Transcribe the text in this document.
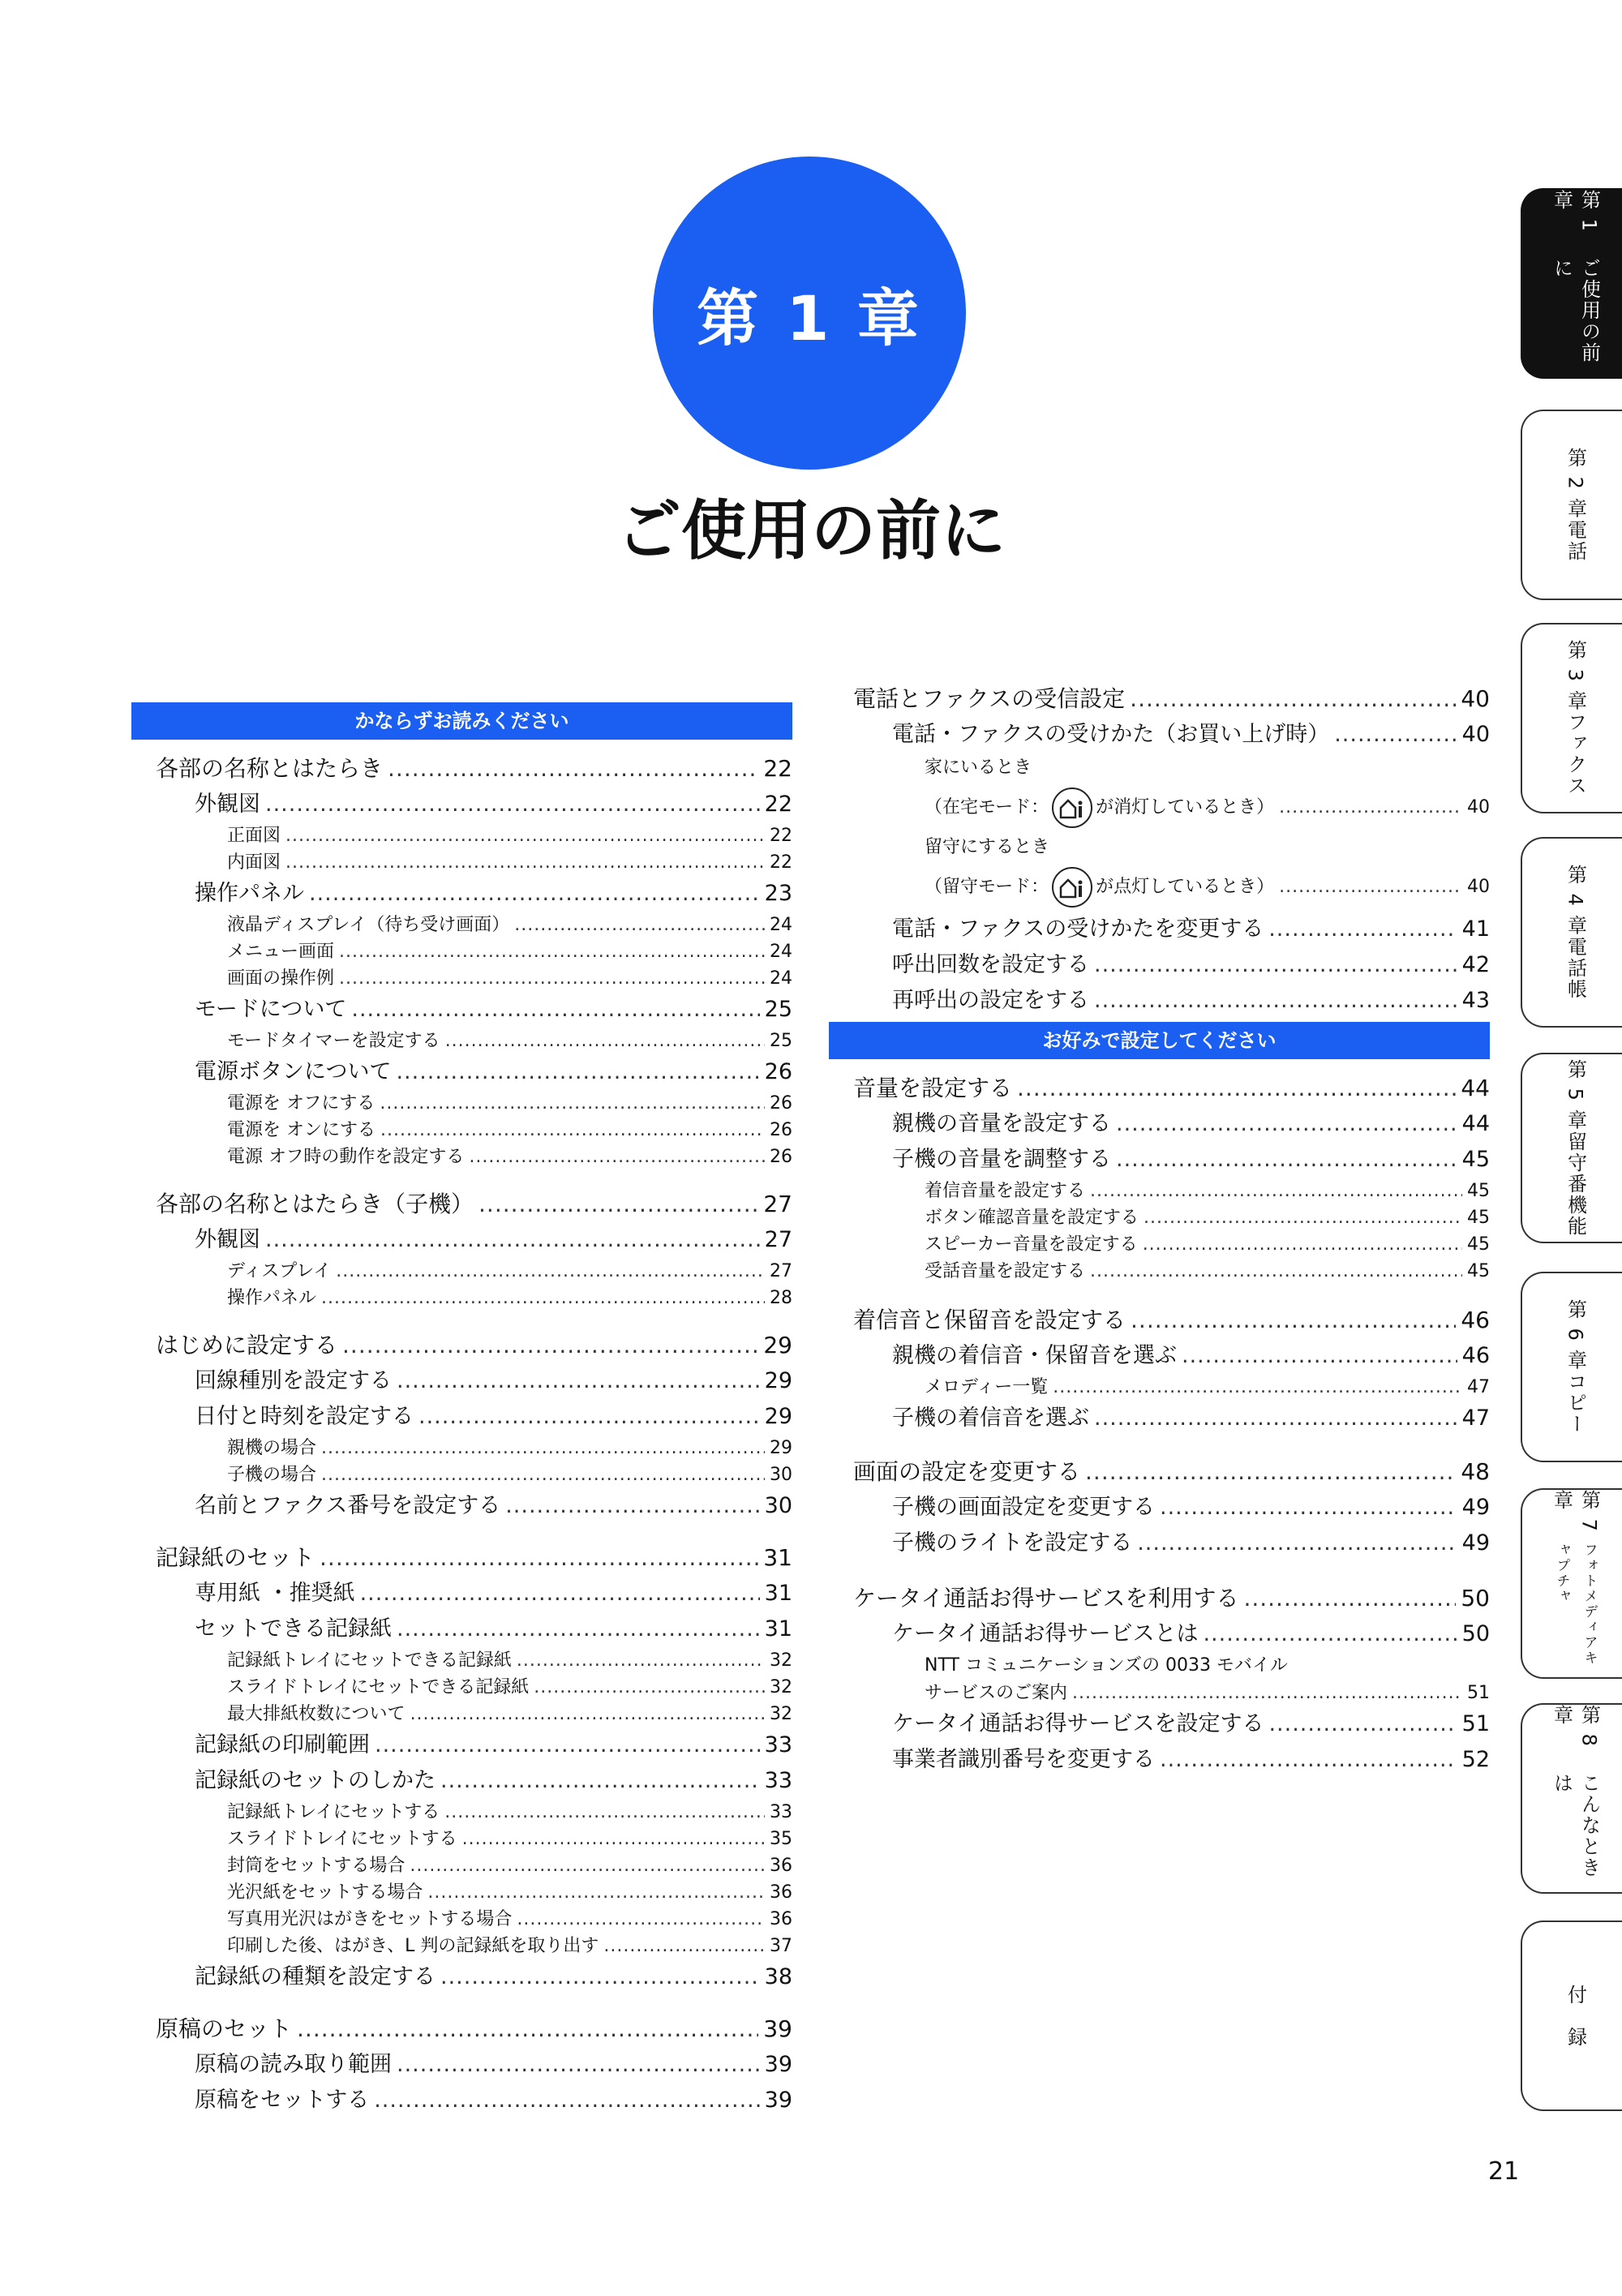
第 1 章
ご使用の前に
かならずお読みください
各部の名称とはたらき .....	22
外観図 .....	22
正面図 .....	22
内面図 .....	22
操作パネル .....	23
液晶ディスプレイ（待ち受け画面） .....	24
メニュー画面 .....	24
画面の操作例 .....	24
モードについて .....	25
モードタイマーを設定する .....	25
電源ボタンについて .....	26
電源を オフにする .....	26
電源を オンにする .....	26
電源 オフ時の動作を設定する .....	26
各部の名称とはたらき（子機） .....	27
外観図 .....	27
ディスプレイ .....	27
操作パネル .....	28
はじめに設定する .....	29
回線種別を設定する .....	29
日付と時刻を設定する .....	29
親機の場合 .....	29
子機の場合 .....	30
名前とファクス番号を設定する .....	30
記録紙のセット .....	31
専用紙 ・推奨紙 .....	31
セットできる記録紙 .....	31
記録紙トレイにセットできる記録紙 .....	32
スライドトレイにセットできる記録紙 .....	32
最大排紙枚数について .....	32
記録紙の印刷範囲 .....	33
記録紙のセットのしかた .....	33
記録紙トレイにセットする .....	33
スライドトレイにセットする .....	35
封筒をセットする場合 .....	36
光沢紙をセットする場合 .....	36
写真用光沢はがきをセットする場合 .....	36
印刷した後、はがき、L 判の記録紙を取り出す .....	37
記録紙の種類を設定する .....	38
原稿のセット .....	39
原稿の読み取り範囲 .....	39
原稿をセットする .....	39
電話とファクスの受信設定 .....	40
電話・ファクスの受けかた（お買い上げ時） .....	40
家にいるとき
（在宅モード：	が消灯しているとき） .....	40
留守にするとき
（留守モード：	が点灯しているとき） .....	40
電話・ファクスの受けかたを変更する .....	41
呼出回数を設定する .....	42
再呼出の設定をする .....	43
お好みで設定してください
音量を設定する .....	44
親機の音量を設定する .....	44
子機の音量を調整する .....	45
着信音量を設定する .....	45
ボタン確認音量を設定する .....	45
スピーカー音量を設定する .....	45
受話音量を設定する .....	45
着信音と保留音を設定する .....	46
親機の着信音・保留音を選ぶ .....	46
メロディー一覧 .....	47
子機の着信音を選ぶ .....	47
画面の設定を変更する .....	48
子機の画面設定を変更する .....	49
子機のライトを設定する .....	49
ケータイ通話お得サービスを利用する .....	50
ケータイ通話お得サービスとは .....	50
NTT コミュニケーションズの 0033 モバイル
サービスのご案内 .....	51
ケータイ通話お得サービスを設定する .....	51
事業者識別番号を変更する .....	52
第 1 章
ご使用の前に
第 2 章
電話
第 3 章
ファクス
第 4 章
電話帳
第 5 章
留守番機能
第 6 章
コピー
第 7 章
フォトメディアキャプチャ
第 8 章
こんなときは
付　録
21
